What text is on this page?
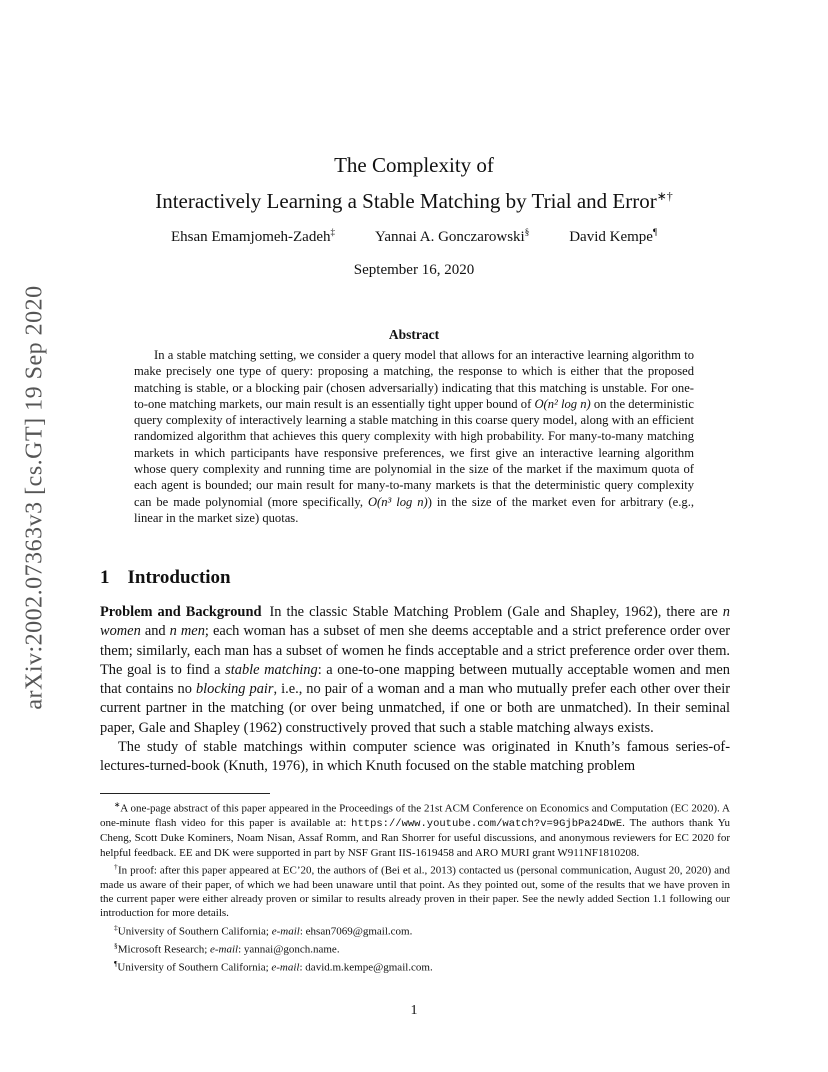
arXiv:2002.07363v3 [cs.GT] 19 Sep 2020
The Complexity of
Interactively Learning a Stable Matching by Trial and Error∗†
Ehsan Emamjomeh-Zadeh‡	Yannai A. Gonczarowski§	David Kempe¶
September 16, 2020
Abstract
In a stable matching setting, we consider a query model that allows for an interactive learning algorithm to make precisely one type of query: proposing a matching, the response to which is either that the proposed matching is stable, or a blocking pair (chosen adversarially) indicating that this matching is unstable. For one-to-one matching markets, our main result is an essentially tight upper bound of O(n² log n) on the deterministic query complexity of interactively learning a stable matching in this coarse query model, along with an efficient randomized algorithm that achieves this query complexity with high probability. For many-to-many matching markets in which participants have responsive preferences, we first give an interactive learning algorithm whose query complexity and running time are polynomial in the size of the market if the maximum quota of each agent is bounded; our main result for many-to-many markets is that the deterministic query complexity can be made polynomial (more specifically, O(n³ log n)) in the size of the market even for arbitrary (e.g., linear in the market size) quotas.
1 Introduction

Problem and Background In the classic Stable Matching Problem (Gale and Shapley, 1962), there are n women and n men; each woman has a subset of men she deems acceptable and a strict preference order over them; similarly, each man has a subset of women he finds acceptable and a strict preference order over them. The goal is to find a stable matching: a one-to-one mapping between mutually acceptable women and men that contains no blocking pair, i.e., no pair of a woman and a man who mutually prefer each other over their current partner in the matching (or over being unmatched, if one or both are unmatched). In their seminal paper, Gale and Shapley (1962) constructively proved that such a stable matching always exists.

The study of stable matchings within computer science was originated in Knuth’s famous series-of-lectures-turned-book (Knuth, 1976), in which Knuth focused on the stable matching problem

∗A one-page abstract of this paper appeared in the Proceedings of the 21st ACM Conference on Economics and Computation (EC 2020). A one-minute flash video for this paper is available at: https://www.youtube.com/watch?v=9GjbPa24DwE. The authors thank Yu Cheng, Scott Duke Kominers, Noam Nisan, Assaf Romm, and Ran Shorrer for useful discussions, and anonymous reviewers for EC 2020 for helpful feedback. EE and DK were supported in part by NSF Grant IIS-1619458 and ARO MURI grant W911NF1810208.

†In proof: after this paper appeared at EC’20, the authors of (Bei et al., 2013) contacted us (personal communication, August 20, 2020) and made us aware of their paper, of which we had been unaware until that point. As they pointed out, some of the results that we have proven in the current paper were either already proven or similar to results already proven in their paper. See the newly added Section 1.1 following our introduction for more details.

‡University of Southern California; e-mail: ehsan7069@gmail.com.

§Microsoft Research; e-mail: yannai@gonch.name.

¶University of Southern California; e-mail: david.m.kempe@gmail.com.

1
